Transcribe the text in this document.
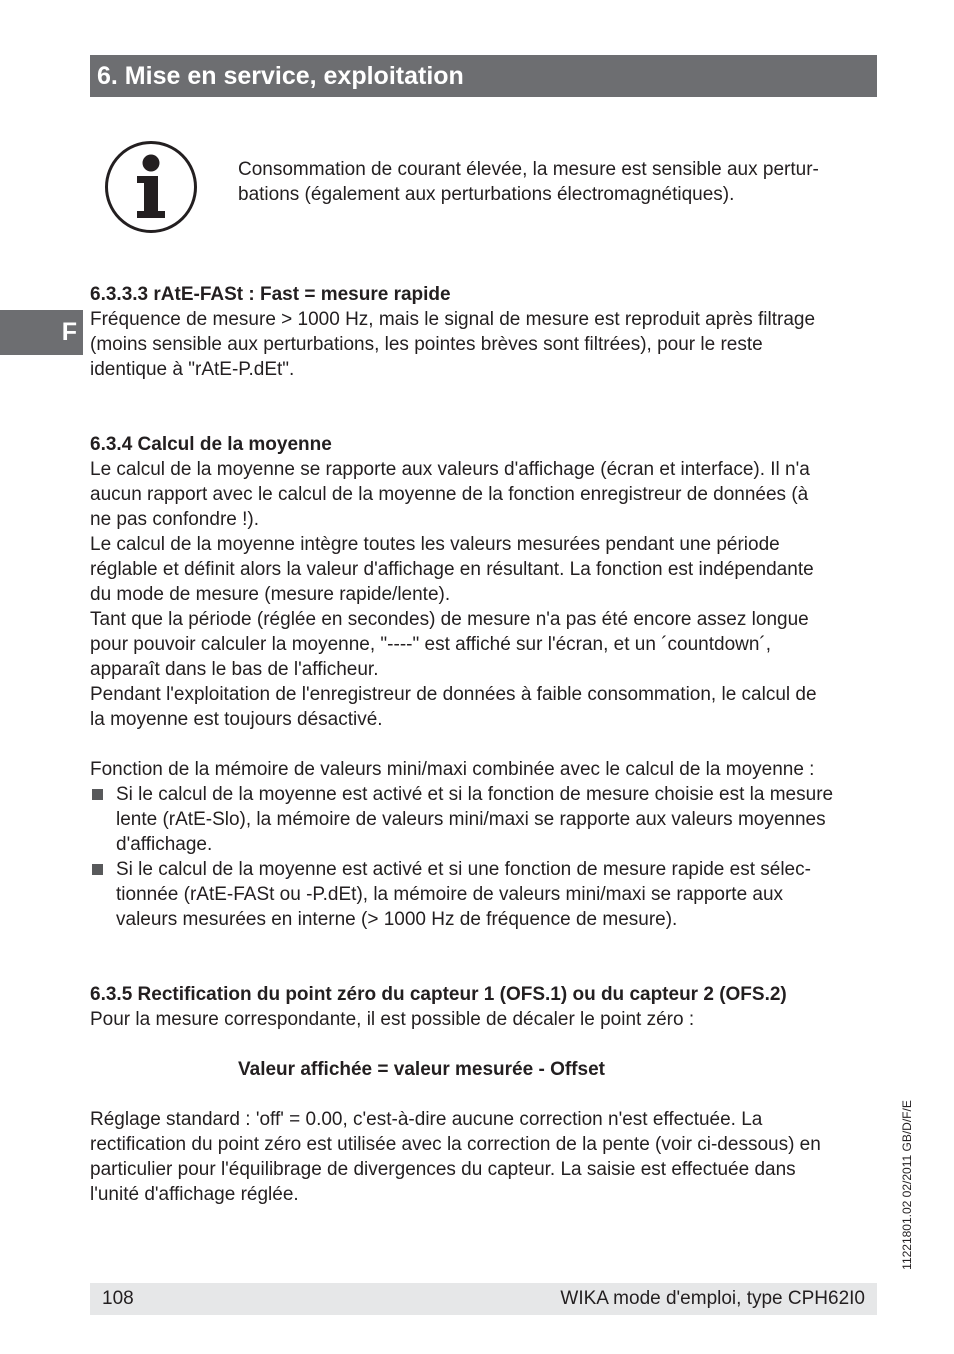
6. Mise en service, exploitation
Consommation de courant élevée, la mesure est sensible aux pertur-
bations (également aux perturbations électromagnétiques).
F
6.3.3.3 rAtE-FASt : Fast = mesure rapide

Fréquence de mesure > 1000 Hz, mais le signal de mesure est reproduit après filtrage

(moins sensible aux perturbations, les pointes brèves sont filtrées), pour le reste

identique à "rAtE-P.dEt".

6.3.4 Calcul de la moyenne

Le calcul de la moyenne se rapporte aux valeurs d'affichage (écran et interface). Il n'a

aucun rapport avec le calcul de la moyenne de la fonction enregistreur de données (à

ne pas confondre !).

Le calcul de la moyenne intègre toutes les valeurs mesurées pendant une période

réglable et définit alors la valeur d'affichage en résultant. La fonction est indépendante

du mode de mesure (mesure rapide/lente).

Tant que la période (réglée en secondes) de mesure n'a pas été encore assez longue

pour pouvoir calculer la moyenne, "----" est affiché sur l'écran, et un ´countdown´,

apparaît dans le bas de l'afficheur.

Pendant l'exploitation de l'enregistreur de données à faible consommation, le calcul de

la moyenne est toujours désactivé.

Fonction de la mémoire de valeurs mini/maxi combinée avec le calcul de la moyenne :

Si le calcul de la moyenne est activé et si la fonction de mesure choisie est la mesure
lente (rAtE-Slo), la mémoire de valeurs mini/maxi se rapporte aux valeurs moyennes
d'affichage.
Si le calcul de la moyenne est activé et si une fonction de mesure rapide est sélec-
tionnée (rAtE-FASt ou -P.dEt), la mémoire de valeurs mini/maxi se rapporte aux
valeurs mesurées en interne (> 1000 Hz de fréquence de mesure).
6.3.5 Rectification du point zéro du capteur 1 (OFS.1) ou du capteur 2 (OFS.2)

Pour la mesure correspondante, il est possible de décaler le point zéro :

Valeur affichée = valeur mesurée - Offset

Réglage standard : 'off' = 0.00, c'est-à-dire aucune correction n'est effectuée. La

rectification du point zéro est utilisée avec la correction de la pente (voir ci-dessous) en

particulier pour l'équilibrage de divergences du capteur. La saisie est effectuée dans

l'unité d'affichage réglée.	11221801.02 02/2011 GB/D/F/E
108	WIKA mode d'emploi, type CPH62I0
